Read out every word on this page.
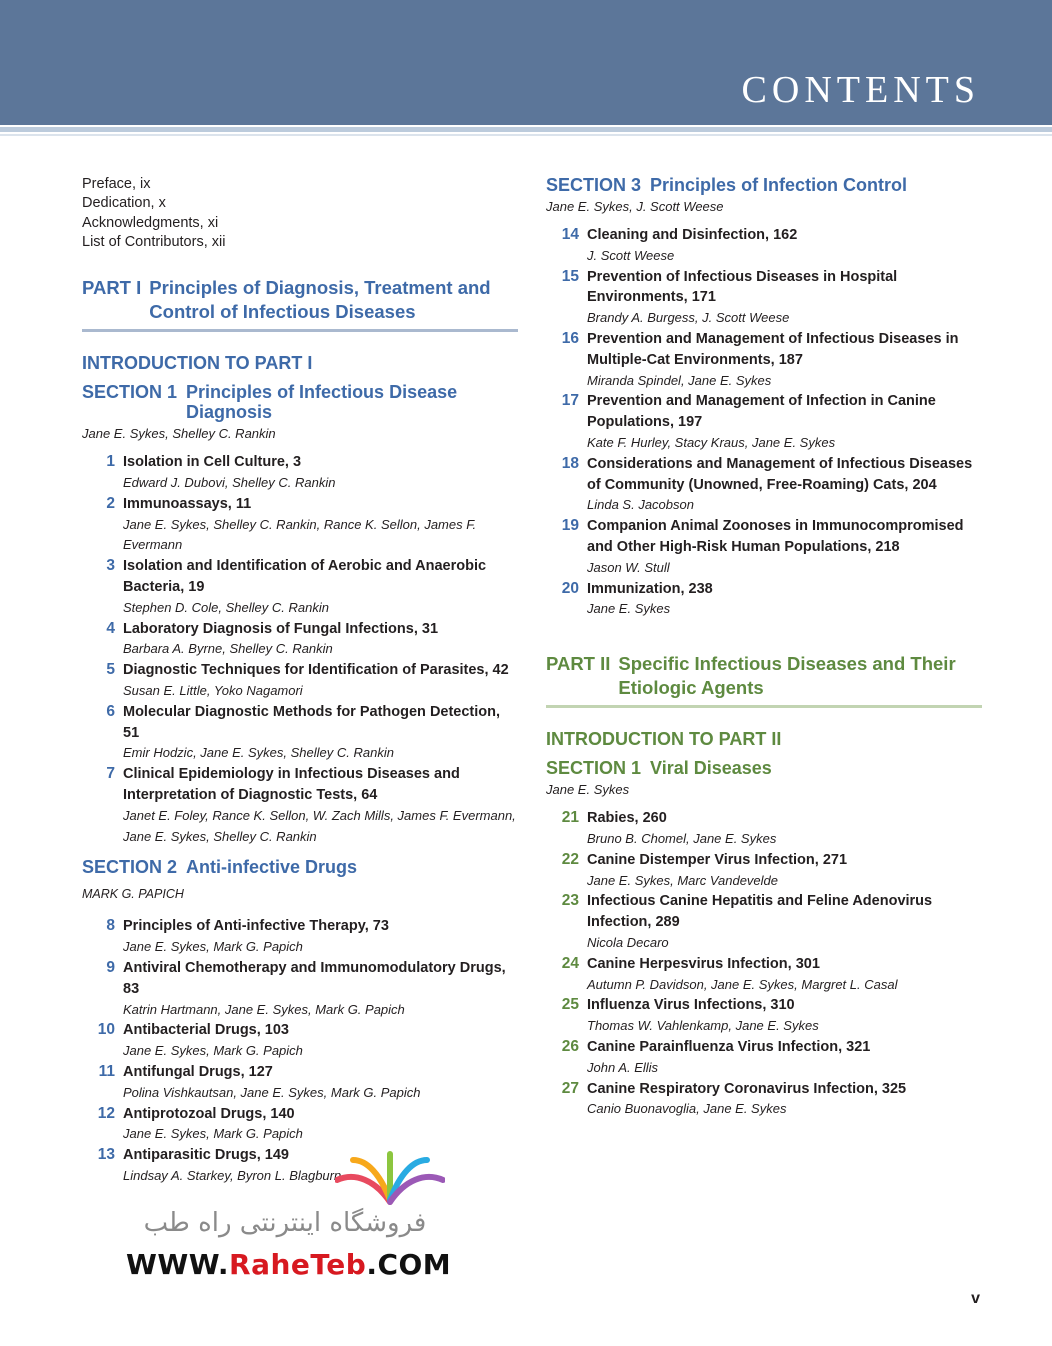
CONTENTS
Preface, ix
Dedication, x
Acknowledgments, xi
List of Contributors, xii
PART I Principles of Diagnosis, Treatment and Control of Infectious Diseases
INTRODUCTION TO PART I
SECTION 1 Principles of Infectious Disease Diagnosis
Jane E. Sykes, Shelley C. Rankin
1 Isolation in Cell Culture, 3
Edward J. Dubovi, Shelley C. Rankin
2 Immunoassays, 11
Jane E. Sykes, Shelley C. Rankin, Rance K. Sellon, James F. Evermann
3 Isolation and Identification of Aerobic and Anaerobic Bacteria, 19
Stephen D. Cole, Shelley C. Rankin
4 Laboratory Diagnosis of Fungal Infections, 31
Barbara A. Byrne, Shelley C. Rankin
5 Diagnostic Techniques for Identification of Parasites, 42
Susan E. Little, Yoko Nagamori
6 Molecular Diagnostic Methods for Pathogen Detection, 51
Emir Hodzic, Jane E. Sykes, Shelley C. Rankin
7 Clinical Epidemiology in Infectious Diseases and Interpretation of Diagnostic Tests, 64
Janet E. Foley, Rance K. Sellon, W. Zach Mills, James F. Evermann, Jane E. Sykes, Shelley C. Rankin
SECTION 2 Anti-infective Drugs
MARK G. PAPICH
8 Principles of Anti-infective Therapy, 73
Jane E. Sykes, Mark G. Papich
9 Antiviral Chemotherapy and Immunomodulatory Drugs, 83
Katrin Hartmann, Jane E. Sykes, Mark G. Papich
10 Antibacterial Drugs, 103
Jane E. Sykes, Mark G. Papich
11 Antifungal Drugs, 127
Polina Vishkautsan, Jane E. Sykes, Mark G. Papich
12 Antiprotozoal Drugs, 140
Jane E. Sykes, Mark G. Papich
13 Antiparasitic Drugs, 149
Lindsay A. Starkey, Byron L. Blagburn
SECTION 3 Principles of Infection Control
Jane E. Sykes, J. Scott Weese
14 Cleaning and Disinfection, 162
J. Scott Weese
15 Prevention of Infectious Diseases in Hospital Environments, 171
Brandy A. Burgess, J. Scott Weese
16 Prevention and Management of Infectious Diseases in Multiple-Cat Environments, 187
Miranda Spindel, Jane E. Sykes
17 Prevention and Management of Infection in Canine Populations, 197
Kate F. Hurley, Stacy Kraus, Jane E. Sykes
18 Considerations and Management of Infectious Diseases of Community (Unowned, Free-Roaming) Cats, 204
Linda S. Jacobson
19 Companion Animal Zoonoses in Immunocompromised and Other High-Risk Human Populations, 218
Jason W. Stull
20 Immunization, 238
Jane E. Sykes
PART II Specific Infectious Diseases and Their Etiologic Agents
INTRODUCTION TO PART II
SECTION 1 Viral Diseases
Jane E. Sykes
21 Rabies, 260
Bruno B. Chomel, Jane E. Sykes
22 Canine Distemper Virus Infection, 271
Jane E. Sykes, Marc Vandevelde
23 Infectious Canine Hepatitis and Feline Adenovirus Infection, 289
Nicola Decaro
24 Canine Herpesvirus Infection, 301
Autumn P. Davidson, Jane E. Sykes, Margret L. Casal
25 Influenza Virus Infections, 310
Thomas W. Vahlenkamp, Jane E. Sykes
26 Canine Parainfluenza Virus Infection, 321
John A. Ellis
27 Canine Respiratory Coronavirus Infection, 325
Canio Buonavoglia, Jane E. Sykes
فروشگاه اینترنتی راه طب
WWW.RaheTeb.COM
v
